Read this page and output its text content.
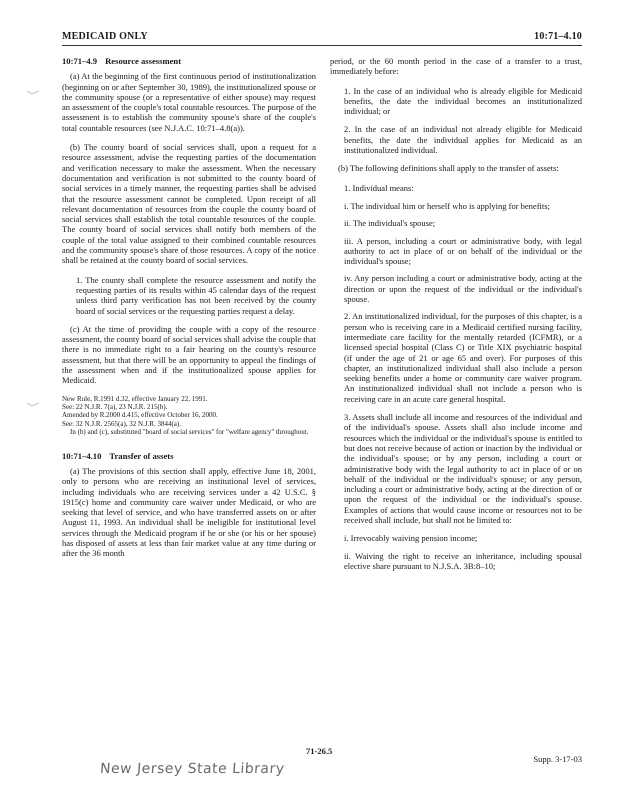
MEDICAID ONLY	10:71–4.10
10:71–4.9 Resource assessment

(a) At the beginning of the first continuous period of institutionalization (beginning on or after September 30, 1989), the institutionalized spouse or the community spouse (or a representative of either spouse) may request an assessment of the couple's total countable resources. The purpose of the assessment is to establish the community spouse's share of the couple's total countable resources (see N.J.A.C. 10:71–4.8(a)).

(b) The county board of social services shall, upon a request for a resource assessment, advise the requesting parties of the documentation and verification necessary to make the assessment. When the necessary documentation and verification is not submitted to the county board of social services in a timely manner, the requesting parties shall be advised that the resource assessment cannot be completed. Upon receipt of all relevant documentation of resources from the couple the county board of social services shall establish the total countable resources of the couple. The county board of social services shall notify both members of the couple of the total value assigned to their combined countable resources and the community spouse's share of those resources. A copy of the notice shall be retained at the county board of social services.

1. The county shall complete the resource assessment and notify the requesting parties of its results within 45 calendar days of the request unless third party verification has not been received by the county board of social services or the requesting parties request a delay.

(c) At the time of providing the couple with a copy of the resource assessment, the county board of social services shall advise the couple that there is no immediate right to a fair hearing on the county's resource assessment, but that there will be an opportunity to appeal the findings of the assessment when and if the institutionalized spouse applies for Medicaid.

New Rule, R.1991 d.32, effective January 22, 1991.
See: 22 N.J.R. 7(a), 23 N.J.R. 215(b).
Amended by R.2000 d.415, effective October 16, 2000.
See: 32 N.J.R. 2565(a), 32 N.J.R. 3844(a).
In (b) and (c), substituted "board of social services" for "welfare agency" throughout.
10:71–4.10 Transfer of assets

(a) The provisions of this section shall apply, effective June 18, 2001, only to persons who are receiving an institutional level of services, including individuals who are receiving services under a 42 U.S.C. § 1915(c) home and community care waiver under Medicaid, or who are seeking that level of service, and who have transferred assets on or after August 11, 1993. An individual shall be ineligible for institutional level services through the Medicaid program if he or she (or his or her spouse) has disposed of assets at less than fair market value at any time during or after the 36 month

period, or the 60 month period in the case of a transfer to a trust, immediately before:

1. In the case of an individual who is already eligible for Medicaid benefits, the date the individual becomes an institutionalized individual; or

2. In the case of an individual not already eligible for Medicaid benefits, the date the individual applies for Medicaid as an institutionalized individual.

(b) The following definitions shall apply to the transfer of assets:

1. Individual means:

i. The individual him or herself who is applying for benefits;

ii. The individual's spouse;

iii. A person, including a court or administrative body, with legal authority to act in place of or on behalf of the individual or the individual's spouse;

iv. Any person including a court or administrative body, acting at the direction or upon the request of the individual or the individual's spouse.

2. An institutionalized individual, for the purposes of this chapter, is a person who is receiving care in a Medicaid certified nursing facility, intermediate care facility for the mentally retarded (ICFMR), or a licensed special hospital (Class C) or Title XIX psychiatric hospital (if under the age of 21 or age 65 and over). For purposes of this chapter, an institutionalized individual shall also include a person seeking benefits under a home or community care waiver program. An institutionalized individual shall not include a person who is receiving care in an acute care general hospital.

3. Assets shall include all income and resources of the individual and of the individual's spouse. Assets shall also include income and resources which the individual or the individual's spouse is entitled to but does not receive because of action or inaction by the individual or the individual's spouse; or by any person, including a court or administrative body with the legal authority to act in place of or on behalf of the individual or the individual's spouse; or any person, including a court or administrative body, acting at the direction of or upon the request of the individual or the individual's spouse. Examples of actions that would cause income or resources not to be received shall include, but shall not be limited to:

i. Irrevocably waiving pension income;

ii. Waiving the right to receive an inheritance, including spousal elective share pursuant to N.J.S.A. 3B:8–10;

71-26.5
Supp. 3-17-03
New Jersey State Library
